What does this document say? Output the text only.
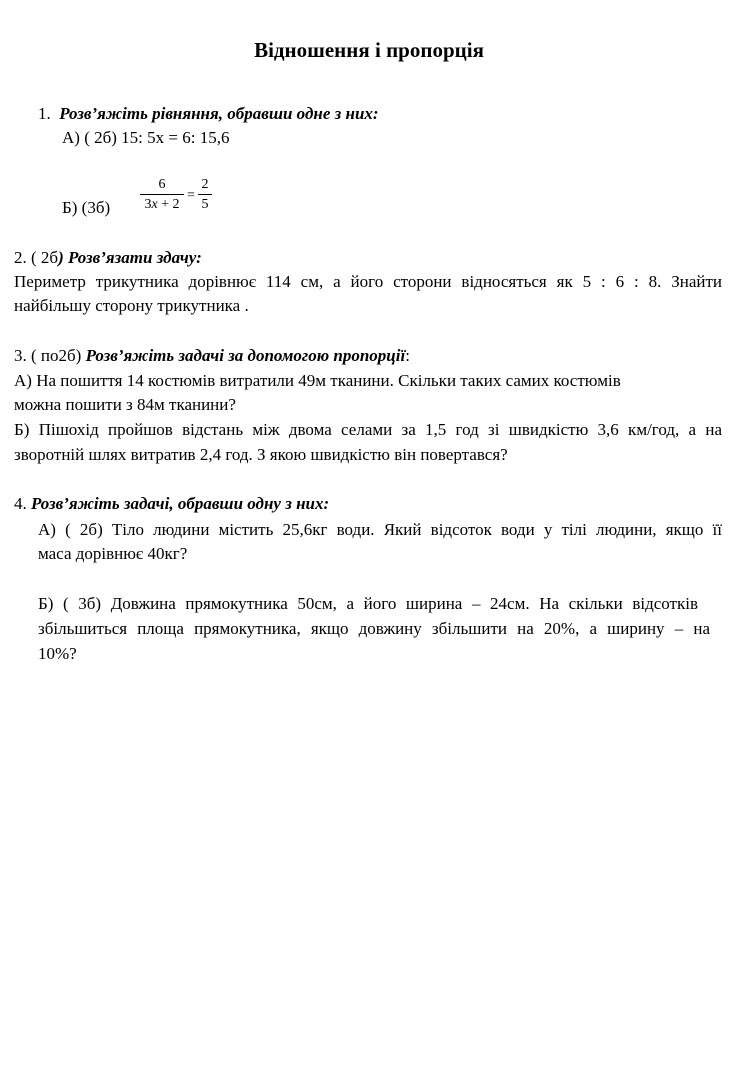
Відношення і пропорція
1. Розв’яжіть рівняння, обравши одне з них:
А) ( 2б) 15: 5х = 6: 15,6
Б) (3б)
6
3x + 2
=
2
5
2. ( 2б) Розв’язати здачу:
Периметр трикутника дорівнює 114 см, а його сторони відносяться як 5 : 6 : 8. Знайти
найбільшу сторону трикутника .
3. ( по2б) Розв’яжіть задачі за допомогою пропорції:
А) На пошиття 14 костюмів витратили 49м тканини. Скільки таких самих костюмів
можна пошити з 84м тканини?
Б) Пішохід пройшов відстань між двома селами за 1,5 год зі швидкістю 3,6 км/год, а на
зворотній шлях витратив 2,4 год. З якою швидкістю він повертався?
4. Розв’яжіть задачі, обравши одну з них:
А) ( 2б) Тіло людини містить 25,6кг води. Який відсоток води у тілі людини, якщо її
маса дорівнює 40кг?
Б) ( 3б) Довжина прямокутника 50см, а його ширина – 24см. На скільки відсотків
збільшиться площа прямокутника, якщо довжину збільшити на 20%, а ширину – на
10%?
